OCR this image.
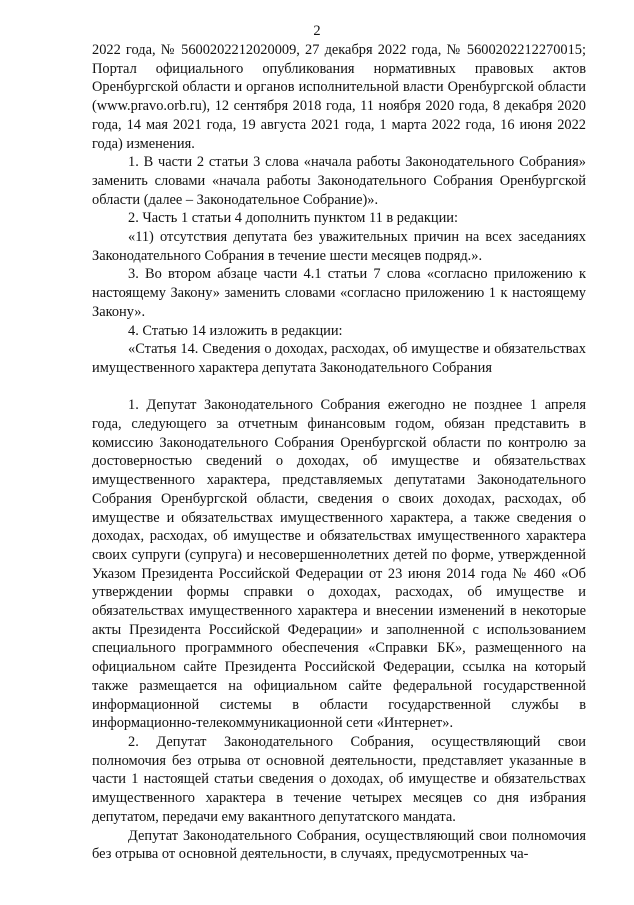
2

2022 года, № 5600202212020009, 27 декабря 2022 года, № 5600202212270015; Портал официального опубликования нормативных правовых актов Оренбургской области и органов исполнительной власти Оренбургской области (www.pravo.orb.ru), 12 сентября 2018 года, 11 ноября 2020 года, 8 декабря 2020 года, 14 мая 2021 года, 19 августа 2021 года, 1 марта 2022 года, 16 июня 2022 года) изменения.

1. В части 2 статьи 3 слова «начала работы Законодательного Собрания» заменить словами «начала работы Законодательного Собрания Оренбургской области (далее – Законодательное Собрание)».

2. Часть 1 статьи 4 дополнить пунктом 11 в редакции:

«11) отсутствия депутата без уважительных причин на всех заседаниях Законодательного Собрания в течение шести месяцев подряд.».

3. Во втором абзаце части 4.1 статьи 7 слова «согласно приложению к настоящему Закону» заменить словами «согласно приложению 1 к настоящему Закону».

4. Статью 14 изложить в редакции:

«Статья 14. Сведения о доходах, расходах, об имуществе и обязательствах имущественного характера депутата Законодательного Собрания

1. Депутат Законодательного Собрания ежегодно не позднее 1 апреля года, следующего за отчетным финансовым годом, обязан представить в комиссию Законодательного Собрания Оренбургской области по контролю за достоверностью сведений о доходах, об имуществе и обязательствах имущественного характера, представляемых депутатами Законодательного Собрания Оренбургской области, сведения о своих доходах, расходах, об имуществе и обязательствах имущественного характера, а также сведения о доходах, расходах, об имуществе и обязательствах имущественного характера своих супруги (супруга) и несовершеннолетних детей по форме, утвержденной Указом Президента Российской Федерации от 23 июня 2014 года № 460 «Об утверждении формы справки о доходах, расходах, об имуществе и обязательствах имущественного характера и внесении изменений в некоторые акты Президента Российской Федерации» и заполненной с использованием специального программного обеспечения «Справки БК», размещенного на официальном сайте Президента Российской Федерации, ссылка на который также размещается на официальном сайте федеральной государственной информационной системы в области государственной службы в информационно-телекоммуникационной сети «Интернет».

2. Депутат Законодательного Собрания, осуществляющий свои полномочия без отрыва от основной деятельности, представляет указанные в части 1 настоящей статьи сведения о доходах, об имуществе и обязательствах имущественного характера в течение четырех месяцев со дня избрания депутатом, передачи ему вакантного депутатского мандата.

Депутат Законодательного Собрания, осуществляющий свои полномочия без отрыва от основной деятельности, в случаях, предусмотренных ча-
